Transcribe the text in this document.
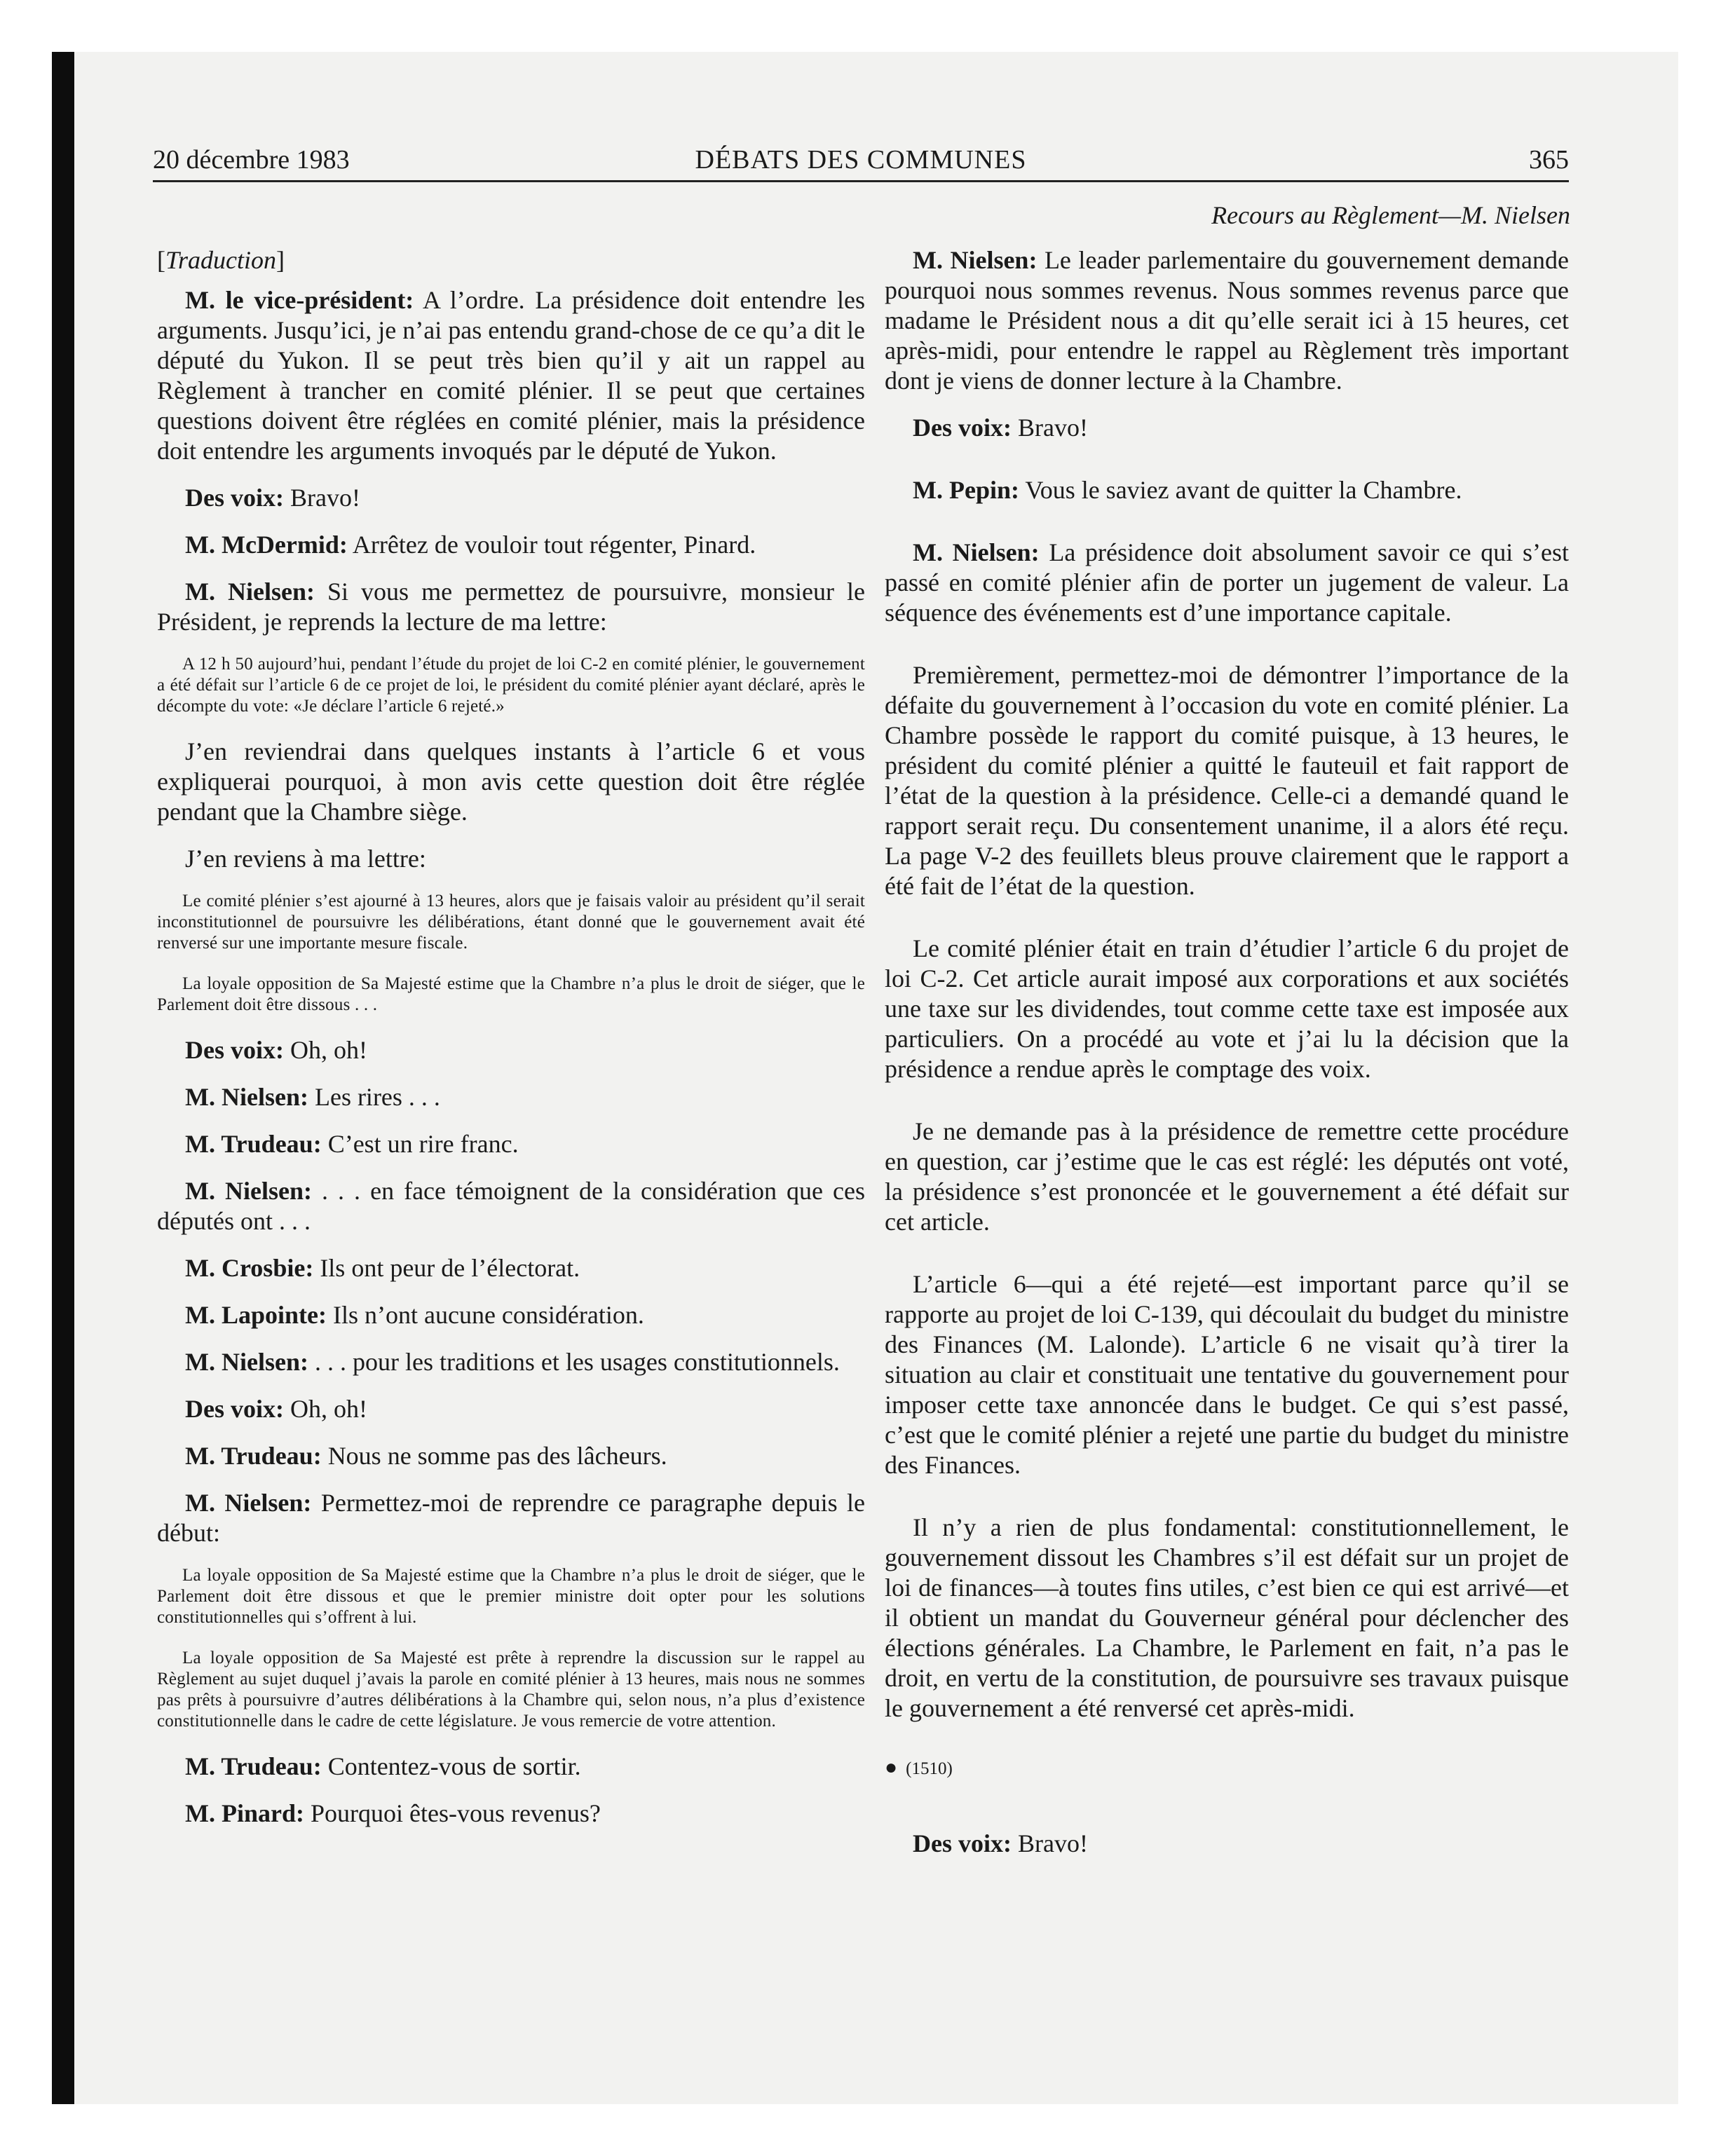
20 décembre 1983	DÉBATS DES COMMUNES	365
Recours au Règlement—M. Nielsen

[Traduction]

M. le vice-président: A l’ordre. La présidence doit entendre les arguments. Jusqu’ici, je n’ai pas entendu grand-chose de ce qu’a dit le député du Yukon. Il se peut très bien qu’il y ait un rappel au Règlement à trancher en comité plénier. Il se peut que certaines questions doivent être réglées en comité plénier, mais la présidence doit entendre les arguments invoqués par le député de Yukon.

Des voix: Bravo!

M. McDermid: Arrêtez de vouloir tout régenter, Pinard.

M. Nielsen: Si vous me permettez de poursuivre, monsieur le Président, je reprends la lecture de ma lettre:

A 12 h 50 aujourd’hui, pendant l’étude du projet de loi C-2 en comité plénier, le gouvernement a été défait sur l’article 6 de ce projet de loi, le président du comité plénier ayant déclaré, après le décompte du vote: «Je déclare l’article 6 rejeté.»

J’en reviendrai dans quelques instants à l’article 6 et vous expliquerai pourquoi, à mon avis cette question doit être réglée pendant que la Chambre siège.

J’en reviens à ma lettre:

Le comité plénier s’est ajourné à 13 heures, alors que je faisais valoir au président qu’il serait inconstitutionnel de poursuivre les délibérations, étant donné que le gouvernement avait été renversé sur une importante mesure fiscale.

La loyale opposition de Sa Majesté estime que la Chambre n’a plus le droit de siéger, que le Parlement doit être dissous . . .

Des voix: Oh, oh!

M. Nielsen: Les rires . . .

M. Trudeau: C’est un rire franc.

M. Nielsen: . . . en face témoignent de la considération que ces députés ont . . .

M. Crosbie: Ils ont peur de l’électorat.

M. Lapointe: Ils n’ont aucune considération.

M. Nielsen: . . . pour les traditions et les usages constitutionnels.

Des voix: Oh, oh!

M. Trudeau: Nous ne somme pas des lâcheurs.

M. Nielsen: Permettez-moi de reprendre ce paragraphe depuis le début:

La loyale opposition de Sa Majesté estime que la Chambre n’a plus le droit de siéger, que le Parlement doit être dissous et que le premier ministre doit opter pour les solutions constitutionnelles qui s’offrent à lui.

La loyale opposition de Sa Majesté est prête à reprendre la discussion sur le rappel au Règlement au sujet duquel j’avais la parole en comité plénier à 13 heures, mais nous ne sommes pas prêts à poursuivre d’autres délibérations à la Chambre qui, selon nous, n’a plus d’existence constitutionnelle dans le cadre de cette législature. Je vous remercie de votre attention.

M. Trudeau: Contentez-vous de sortir.

M. Pinard: Pourquoi êtes-vous revenus?

M. Nielsen: Le leader parlementaire du gouvernement demande pourquoi nous sommes revenus. Nous sommes revenus parce que madame le Président nous a dit qu’elle serait ici à 15 heures, cet après-midi, pour entendre le rappel au Règlement très important dont je viens de donner lecture à la Chambre.

Des voix: Bravo!

M. Pepin: Vous le saviez avant de quitter la Chambre.

M. Nielsen: La présidence doit absolument savoir ce qui s’est passé en comité plénier afin de porter un jugement de valeur. La séquence des événements est d’une importance capitale.

Premièrement, permettez-moi de démontrer l’importance de la défaite du gouvernement à l’occasion du vote en comité plénier. La Chambre possède le rapport du comité puisque, à 13 heures, le président du comité plénier a quitté le fauteuil et fait rapport de l’état de la question à la présidence. Celle-ci a demandé quand le rapport serait reçu. Du consentement unanime, il a alors été reçu. La page V-2 des feuillets bleus prouve clairement que le rapport a été fait de l’état de la question.

Le comité plénier était en train d’étudier l’article 6 du projet de loi C-2. Cet article aurait imposé aux corporations et aux sociétés une taxe sur les dividendes, tout comme cette taxe est imposée aux particuliers. On a procédé au vote et j’ai lu la décision que la présidence a rendue après le comptage des voix.

Je ne demande pas à la présidence de remettre cette procédure en question, car j’estime que le cas est réglé: les députés ont voté, la présidence s’est prononcée et le gouvernement a été défait sur cet article.

L’article 6—qui a été rejeté—est important parce qu’il se rapporte au projet de loi C-139, qui découlait du budget du ministre des Finances (M. Lalonde). L’article 6 ne visait qu’à tirer la situation au clair et constituait une tentative du gouvernement pour imposer cette taxe annoncée dans le budget. Ce qui s’est passé, c’est que le comité plénier a rejeté une partie du budget du ministre des Finances.

Il n’y a rien de plus fondamental: constitutionnellement, le gouvernement dissout les Chambres s’il est défait sur un projet de loi de finances—à toutes fins utiles, c’est bien ce qui est arrivé—et il obtient un mandat du Gouverneur général pour déclencher des élections générales. La Chambre, le Parlement en fait, n’a pas le droit, en vertu de la constitution, de poursuivre ses travaux puisque le gouvernement a été renversé cet après-midi.

● (1510)

Des voix: Bravo!
